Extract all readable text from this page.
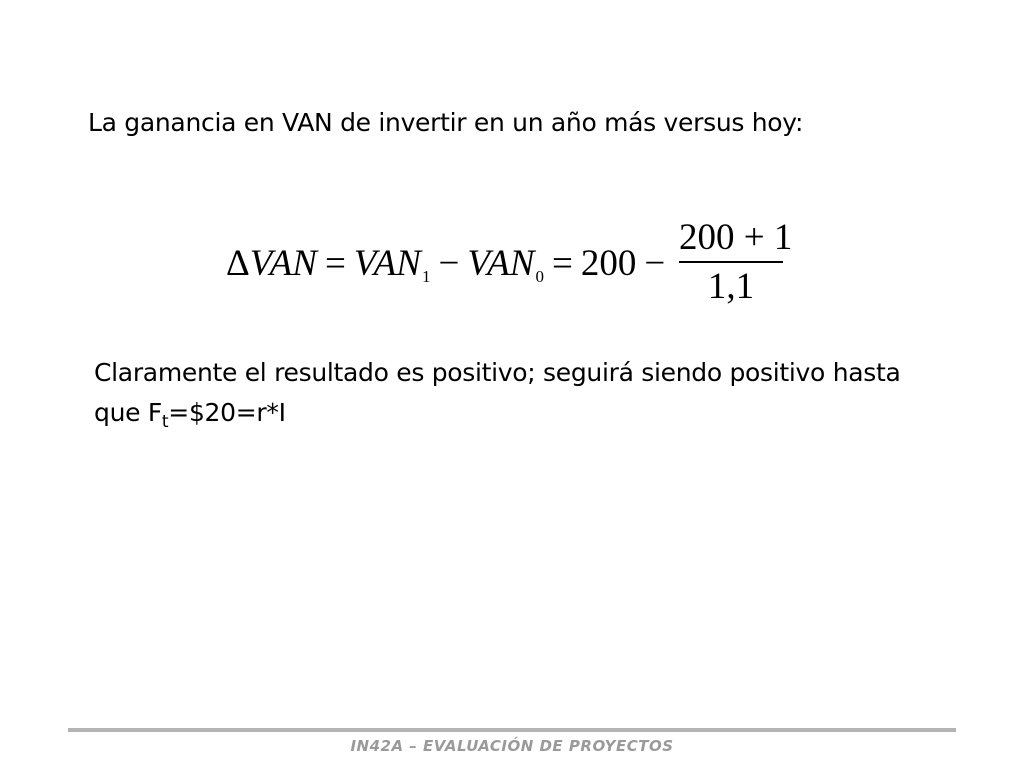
La ganancia en VAN de invertir en un año más versus hoy:
ΔVAN = VAN1 − VAN0 = 200 −
200 + 1
1,1
Claramente el resultado es positivo; seguirá siendo positivo hasta
que $F_t=\$20=r*I$
IN42A – EVALUACIÓN DE PROYECTOS
